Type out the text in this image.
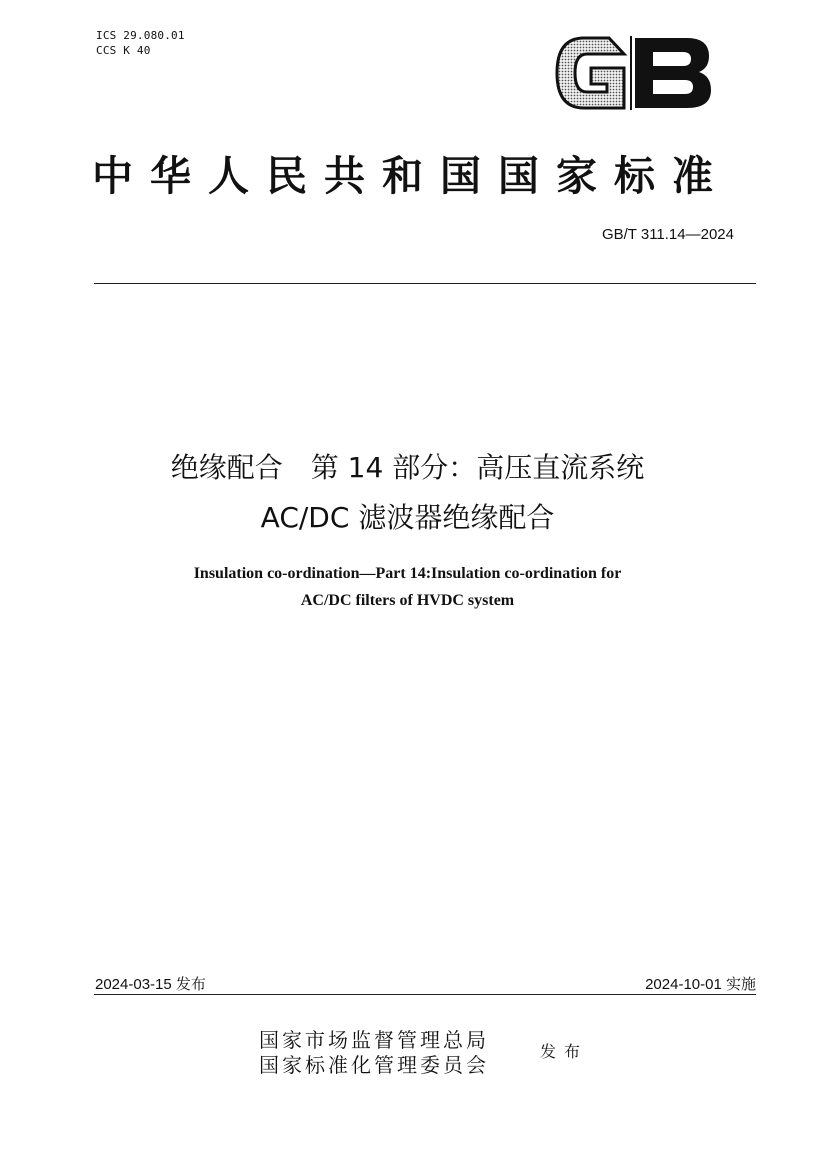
ICS 29.080.01
CCS K 40
中华人民共和国国家标准
GB/T 311.14—2024
绝缘配合　第 14 部分：高压直流系统
AC/DC 滤波器绝缘配合
Insulation co-ordination—Part 14:Insulation co-ordination for
AC/DC filters of HVDC system
2024-03-15 发布	2024-10-01 实施
国家市场监督管理总局
国家标准化管理委员会
发布
